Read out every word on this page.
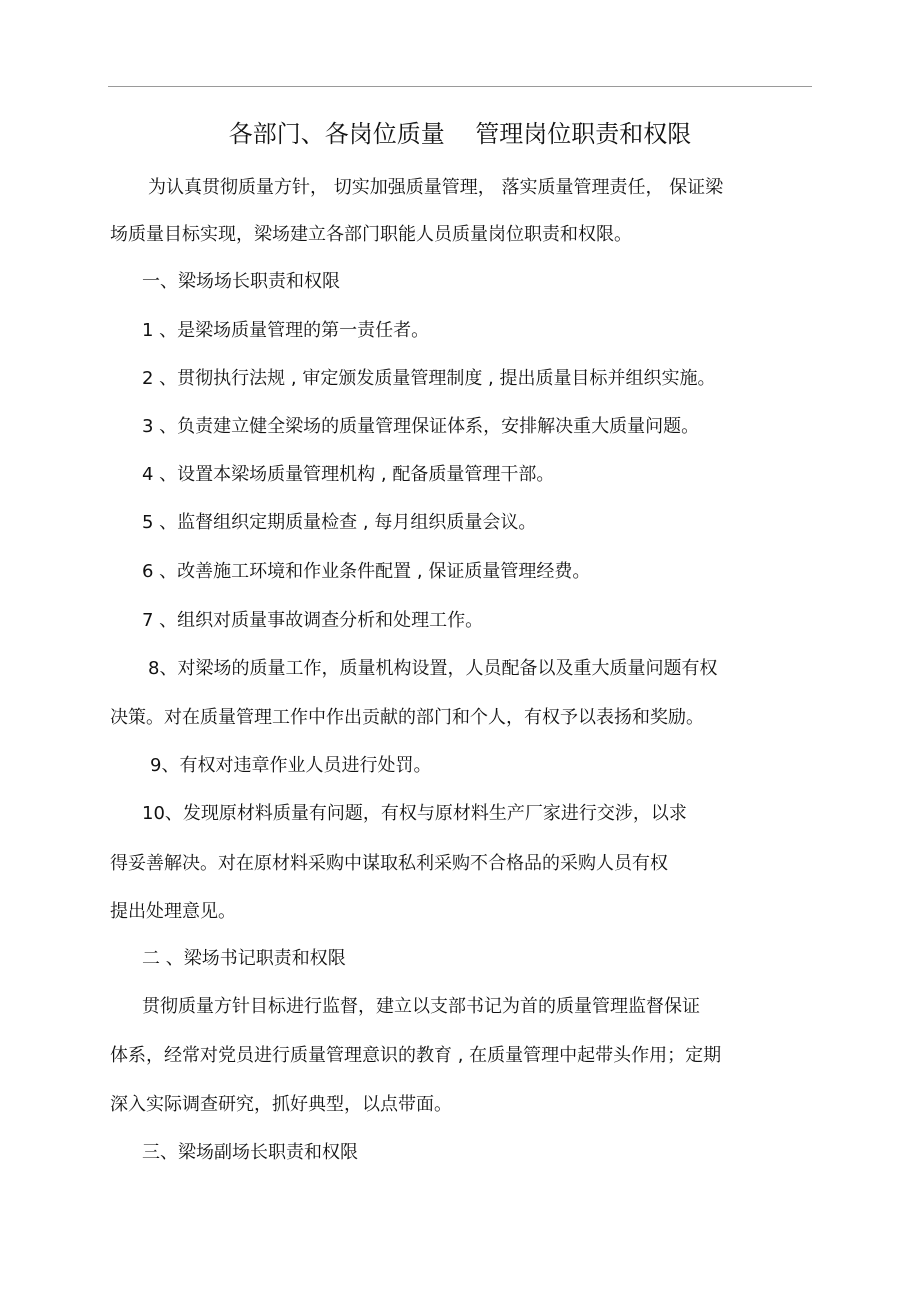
各部门、各岗位质量    管理岗位职责和权限
为认真贯彻质量方针， 切实加强质量管理， 落实质量管理责任， 保证梁
场质量目标实现，梁场建立各部门职能人员质量岗位职责和权限。
一、梁场场长职责和权限
1 、是梁场质量管理的第一责任者。
2 、贯彻执行法规 , 审定颁发质量管理制度 , 提出质量目标并组织实施。
3 、负责建立健全梁场的质量管理保证体系，安排解决重大质量问题。
4 、设置本梁场质量管理机构 , 配备质量管理干部。
5 、监督组织定期质量检查 , 每月组织质量会议。
6 、改善施工环境和作业条件配置 , 保证质量管理经费。
7 、组织对质量事故调查分析和处理工作。
8、对梁场的质量工作，质量机构设置，人员配备以及重大质量问题有权
决策。对在质量管理工作中作出贡献的部门和个人，有权予以表扬和奖励。
9、有权对违章作业人员进行处罚。
10、发现原材料质量有问题，有权与原材料生产厂家进行交涉，以求
得妥善解决。对在原材料采购中谋取私利采购不合格品的采购人员有权
提出处理意见。
二 、梁场书记职责和权限
贯彻质量方针目标进行监督，建立以支部书记为首的质量管理监督保证
体系，经常对党员进行质量管理意识的教育 , 在质量管理中起带头作用；定期
深入实际调查研究，抓好典型，以点带面。
三、梁场副场长职责和权限
